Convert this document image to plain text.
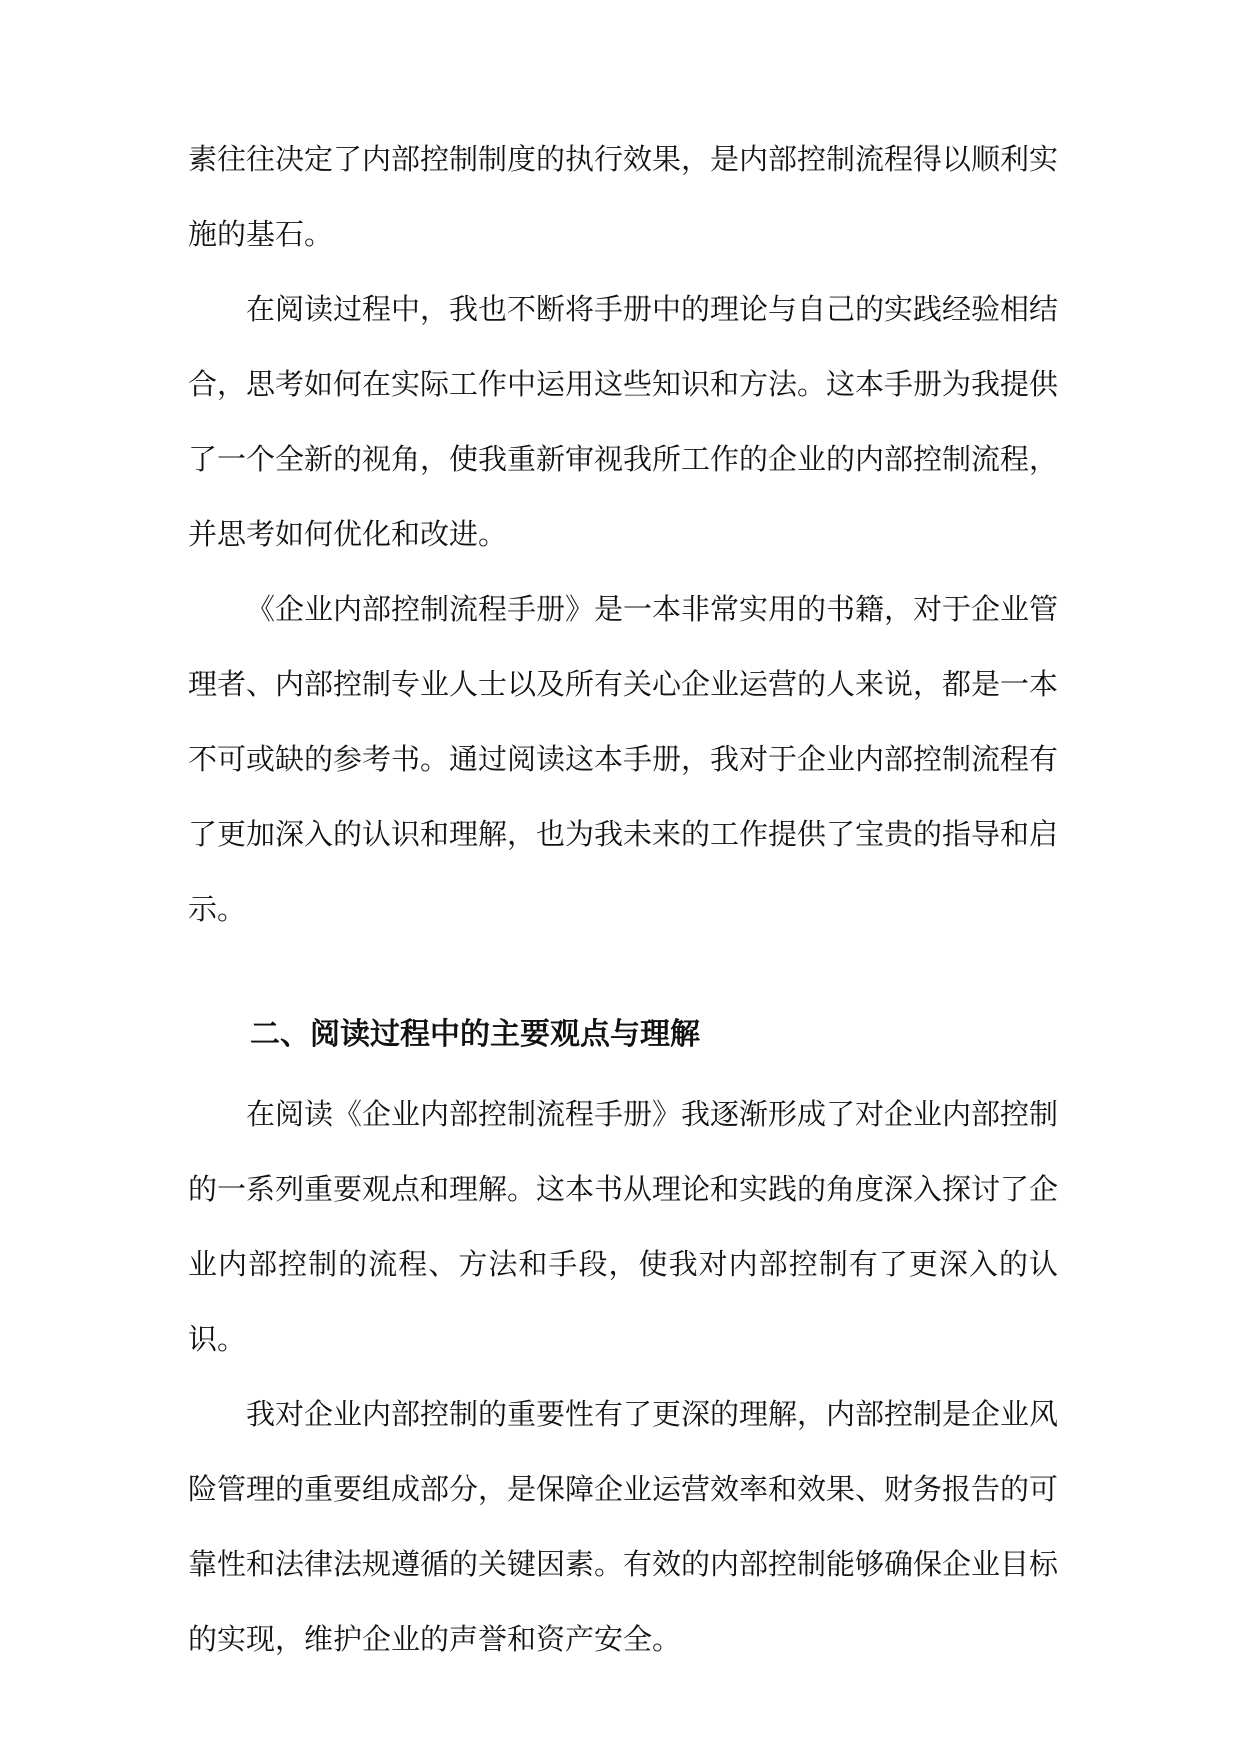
素往往决定了内部控制制度的执行效果，是内部控制流程得以顺利实施的基石。

在阅读过程中，我也不断将手册中的理论与自己的实践经验相结合，思考如何在实际工作中运用这些知识和方法。这本手册为我提供了一个全新的视角，使我重新审视我所工作的企业的内部控制流程，并思考如何优化和改进。

《企业内部控制流程手册》是一本非常实用的书籍，对于企业管理者、内部控制专业人士以及所有关心企业运营的人来说，都是一本不可或缺的参考书。通过阅读这本手册，我对于企业内部控制流程有了更加深入的认识和理解，也为我未来的工作提供了宝贵的指导和启示。

二、阅读过程中的主要观点与理解

在阅读《企业内部控制流程手册》我逐渐形成了对企业内部控制的一系列重要观点和理解。这本书从理论和实践的角度深入探讨了企业内部控制的流程、方法和手段，使我对内部控制有了更深入的认识。

我对企业内部控制的重要性有了更深的理解，内部控制是企业风险管理的重要组成部分，是保障企业运营效率和效果、财务报告的可靠性和法律法规遵循的关键因素。有效的内部控制能够确保企业目标的实现，维护企业的声誉和资产安全。
